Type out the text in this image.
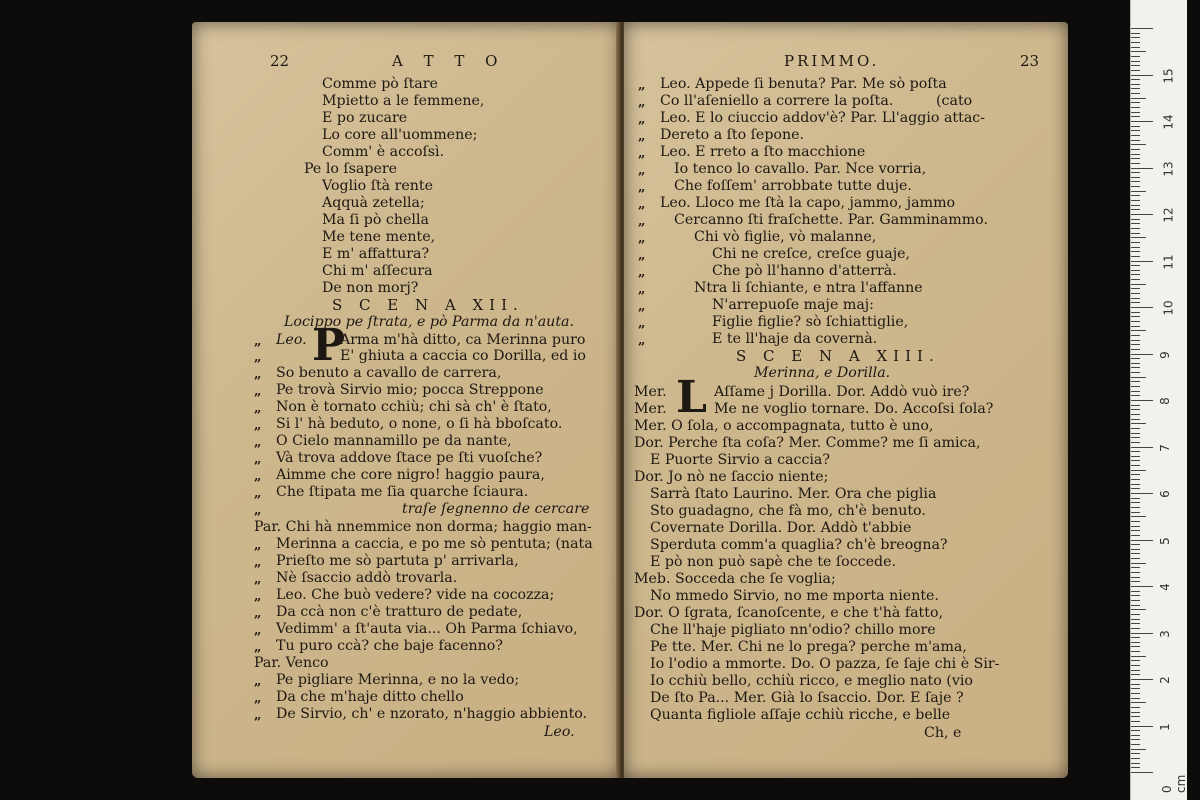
22	A T T O
P
Comme pò ſtare
Mpietto a le femmene,
E po zucare
Lo core all'uommene;
Comm' è accoſsì.
Pe lo ſsapere
Voglio ſtà rente
Aqquà zetella;
Ma ſi pò chella
Me tene mente,
E m' affattura?
Chi m' aſſecura
De non morj?
S C E N A XII.
Locippo pe ſtrata, e pò Parma da n'auta.
Leo. Arma m'hà ditto, ca Merinna puro
E' ghiuta a caccia co Dorilla, ed io
So benuto a cavallo de carrera,
Pe trovà Sirvio mio; pocca Streppone
Non è tornato cchiù; chi sà ch' è ſtato,
Si l' hà beduto, o none, o ſi hà bboſcato.
O Cielo mannamillo pe da nante,
Và trova addove ſtace pe ſti vuoſche?
Aimme che core nigro! haggio paura,
Che ſtipata me ſia quarche ſciaura.
traſe ſegnenno de cercare
Par. Chi hà nnemmice non dorma; haggio man-
Merinna a caccia, e po me sò pentuta; (nata
Prieſto me sò partuta p' arrivarla,
Nè ſsaccio addò trovarla.
Leo. Che buò vedere? vide na cocozza;
Da ccà non c'è tratturo de pedate,
Vedimm' a ſt'auta via... Oh Parma ſchiavo,
Tu puro ccà? che baje facenno?
Par. Venco
Pe pigliare Merinna, e no la vedo;
Da che m'haje ditto chello
De Sirvio, ch' e nzorato, n'haggio abbiento.
Leo.
„
„
„
„
„
„
„
„
„
„
„
„
„
„
„
„
„
„
„
„
„
PRIMMO.	23
L
Leo. Appede ſi benuta? Par. Me sò poſta
Co ll'aſeniello a correre la poſta.	(cato
Leo. E lo ciuccio addov'è? Par. Ll'aggio attac-
Dereto a ſto ſepone.
Leo. E rreto a ſto macchione
Io tenco lo cavallo. Par. Nce vorria,
Che foſſem' arrobbate tutte duje.
Leo. Lloco me ſtà la capo, jammo, jammo
Cercanno ſti fraſchette. Par. Gamminammo.
Chi vò figlie, vò malanne,
Chi ne creſce, creſce guaje,
Che pò ll'hanno d'atterrà.
Ntra li ſchiante, e ntra l'affanne
N'arrepuoſe maje maj:
Figlie figlie? sò ſchiattiglie,
E te ll'haje da covernà.
S C E N A XIII.
Merinna, e Dorilla.
Mer.	Aſſame j Dorilla. Dor. Addò vuò ire?
Mer.	Me ne voglio tornare. Do. Accoſsi ſola?
Mer. O ſola, o accompagnata, tutto è uno,
Dor. Perche ſta coſa? Mer. Comme? me ſi amica,
E Puorte Sirvio a caccia?
Dor. Jo nò ne ſaccio niente;
Sarrà ſtato Laurino. Mer. Ora che piglia
Sto guadagno, che fà mo, ch'è benuto.
Covernate Dorilla. Dor. Addò t'abbie
Sperduta comm'a quaglia? ch'è breogna?
E pò non può sapè che te ſoccede.
Meb. Socceda che ſe voglia;
No mmedo Sirvio, no me mporta niente.
Dor. O ſgrata, ſcanoſcente, e che t'hà fatto,
Che ll'haje pigliato nn'odio? chillo more
Pe tte. Mer. Chi ne lo prega? perche m'ama,
Io l'odio a mmorte. Do. O pazza, ſe ſaje chi è Sir-
Io cchiù bello, cchiù ricco, e meglio nato (vio
De ſto Pa... Mer. Già lo ſsaccio. Dor. E ſaje ?
Quanta figliole aſſaje cchiù ricche, e belle
Ch, e
„
„
„
„
„
„
„
„
„
„
„
„
„
„
„
„
0 cm
1
2
3
4
5
6
7
8
9
10
11
12
13
14
15
